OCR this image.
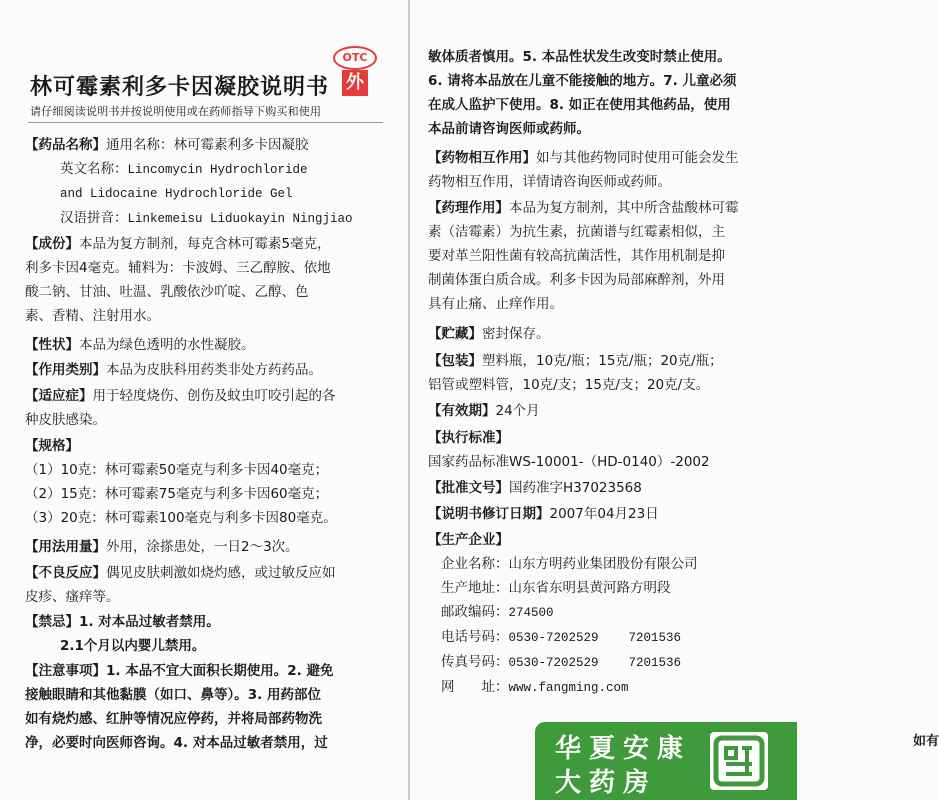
OTC
外
林可霉素利多卡因凝胶说明书
请仔细阅读说明书并按说明使用或在药师指导下购买和使用
【药品名称】通用名称：林可霉素利多卡因凝胶
英文名称：Lincomycin Hydrochloride
and Lidocaine Hydrochloride Gel
汉语拼音：Linkemeisu Liduokayin Ningjiao
【成份】本品为复方制剂，每克含林可霉素5毫克，
利多卡因4毫克。辅料为：卡波姆、三乙醇胺、依地
酸二钠、甘油、吐温、乳酸依沙吖啶、乙醇、色
素、香精、注射用水。
【性状】本品为绿色透明的水性凝胶。
【作用类别】本品为皮肤科用药类非处方药药品。
【适应症】用于轻度烧伤、创伤及蚊虫叮咬引起的各
种皮肤感染。
【规格】
（1）10克：林可霉素50毫克与利多卡因40毫克；
（2）15克：林可霉素75毫克与利多卡因60毫克；
（3）20克：林可霉素100毫克与利多卡因80毫克。
【用法用量】外用，涂搽患处，一日2～3次。
【不良反应】偶见皮肤刺激如烧灼感，或过敏反应如
皮疹、瘙痒等。
【禁忌】1. 对本品过敏者禁用。
2.1个月以内婴儿禁用。
【注意事项】1. 本品不宜大面积长期使用。2. 避免
接触眼睛和其他黏膜（如口、鼻等）。3. 用药部位
如有烧灼感、红肿等情况应停药，并将局部药物洗
净，必要时向医师咨询。4. 对本品过敏者禁用，过
敏体质者慎用。5. 本品性状发生改变时禁止使用。
6. 请将本品放在儿童不能接触的地方。7. 儿童必须
在成人监护下使用。8. 如正在使用其他药品，使用
本品前请咨询医师或药师。
【药物相互作用】如与其他药物同时使用可能会发生
药物相互作用，详情请咨询医师或药师。
【药理作用】本品为复方制剂，其中所含盐酸林可霉
素（洁霉素）为抗生素，抗菌谱与红霉素相似，主
要对革兰阳性菌有较高抗菌活性，其作用机制是抑
制菌体蛋白质合成。利多卡因为局部麻醉剂，外用
具有止痛、止痒作用。
【贮藏】密封保存。
【包装】塑料瓶，10克/瓶；15克/瓶；20克/瓶；
铝管或塑料管，10克/支；15克/支；20克/支。
【有效期】24个月
【执行标准】
国家药品标准WS-10001-（HD-0140）-2002
【批准文号】国药准字H37023568
【说明书修订日期】2007年04月23日
【生产企业】
企业名称：山东方明药业集团股份有限公司
生产地址：山东省东明县黄河路方明段
邮政编码：274500
电话号码：0530-7202529    7201536
传真号码：0530-7202529    7201536
网　　址：www.fangming.com
如有
华夏安康
大药房
